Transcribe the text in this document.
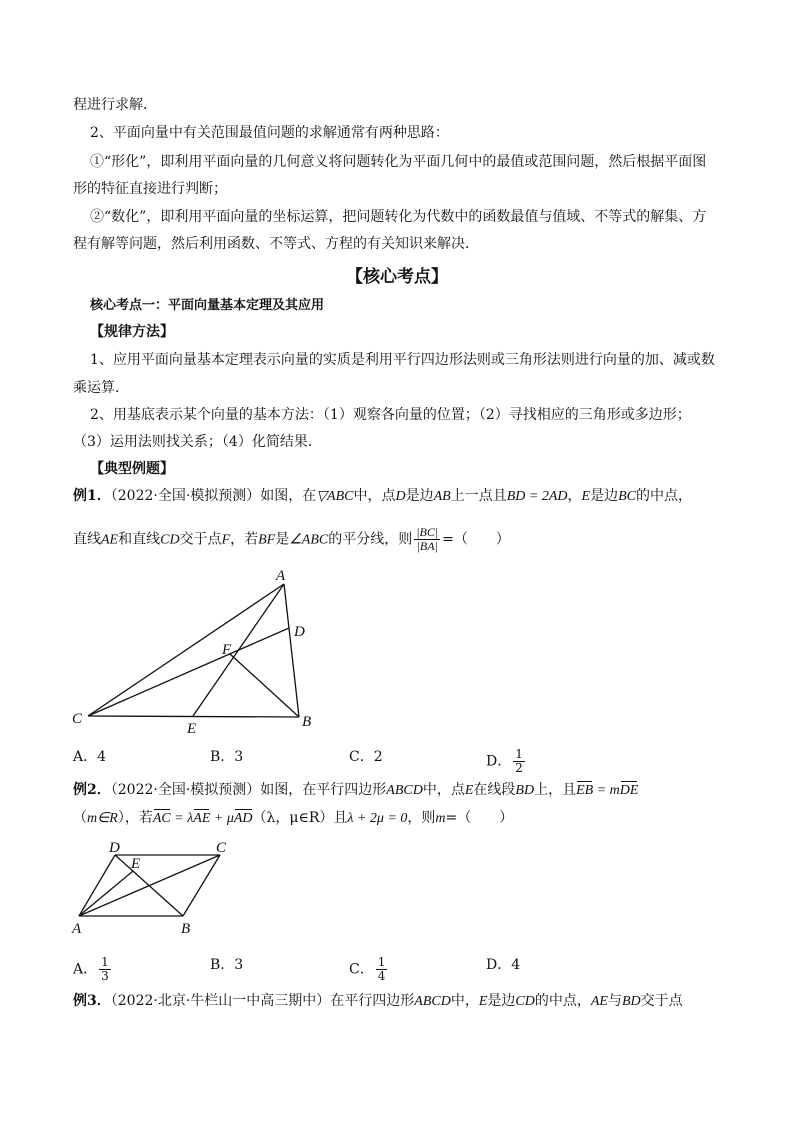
程进行求解．
2、平面向量中有关范围最值问题的求解通常有两种思路：
①“形化”，即利用平面向量的几何意义将问题转化为平面几何中的最值或范围问题，然后根据平面图
形的特征直接进行判断；
②“数化”，即利用平面向量的坐标运算，把问题转化为代数中的函数最值与值域、不等式的解集、方
程有解等问题，然后利用函数、不等式、方程的有关知识来解决．
【核心考点】
核心考点一：平面向量基本定理及其应用
【规律方法】
1、应用平面向量基本定理表示向量的实质是利用平行四边形法则或三角形法则进行向量的加、减或数
乘运算．
2、用基底表示某个向量的基本方法：（1）观察各向量的位置；（2）寻找相应的三角形或多边形；
（3）运用法则找关系；（4）化简结果．
【典型例题】
例1．（2022·全国·模拟预测）如图，在▽ABC中，点D是边AB上一点且BD = 2AD，E是边BC的中点，
直线AE和直线CD交于点F，若BF是∠ABC的平分线，则 $\frac{|BC|}{|BA|}$ =（　　）
A
D
F
C
E	B
A．4	B．3	C．2	D． $\frac{1}{2}$
例2．（2022·全国·模拟预测）如图，在平行四边形ABCD中，点E在线段BD上，且EB = mDE
（m∈R），若AC = λAE + μAD（λ，μ∈R）且λ + 2μ = 0，则m=（　　）
D
E
C
A	B
A． $\frac{1}{3}$	B．3	C． $\frac{1}{4}$	D．4
例3．（2022·北京·牛栏山一中高三期中）在平行四边形ABCD中，E是边CD的中点，AE与BD交于点
